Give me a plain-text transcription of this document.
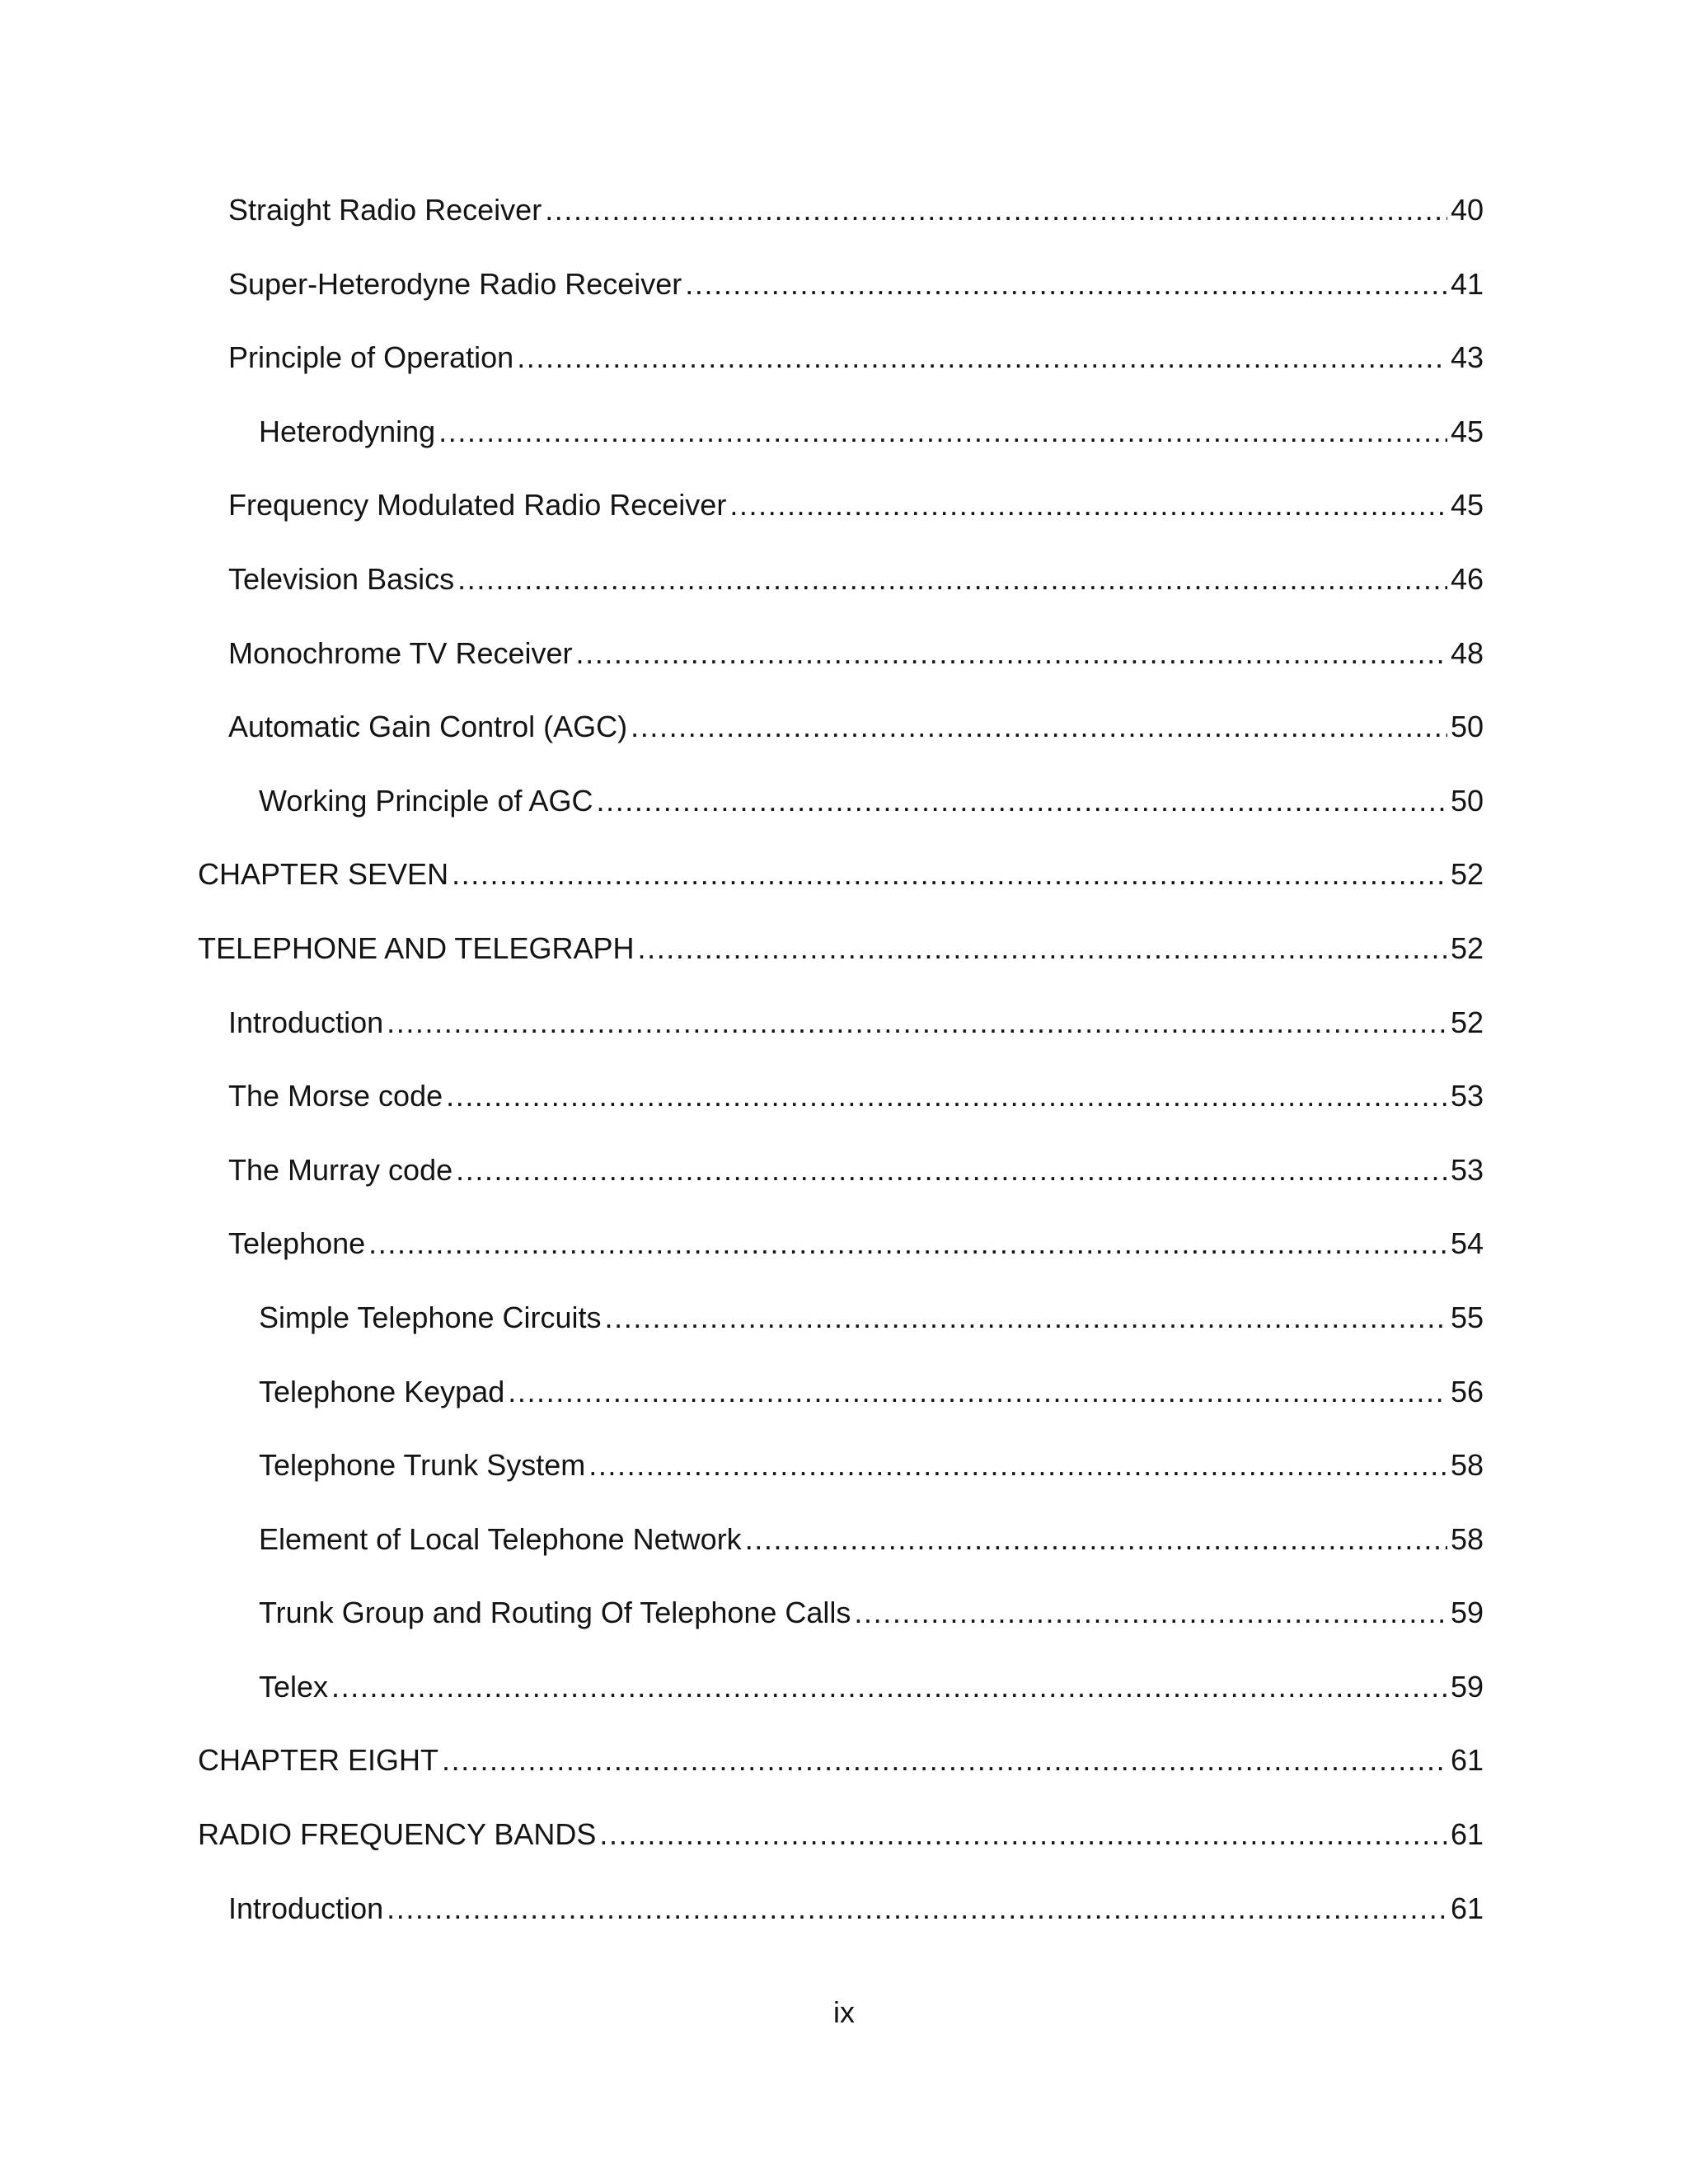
Straight Radio Receiver .....	40
Super-Heterodyne Radio Receiver .....	41
Principle of Operation .....	43
Heterodyning .....	45
Frequency Modulated Radio Receiver .....	45
Television Basics .....	46
Monochrome TV Receiver .....	48
Automatic Gain Control (AGC) .....	50
Working Principle of AGC .....	50
CHAPTER SEVEN .....	52
TELEPHONE AND TELEGRAPH .....	52
Introduction .....	52
The Morse code .....	53
The Murray code .....	53
Telephone .....	54
Simple Telephone Circuits .....	55
Telephone Keypad .....	56
Telephone Trunk System .....	58
Element of Local Telephone Network .....	58
Trunk Group and Routing Of Telephone Calls .....	59
Telex .....	59
CHAPTER EIGHT .....	61
RADIO FREQUENCY BANDS .....	61
Introduction .....	61
ix
